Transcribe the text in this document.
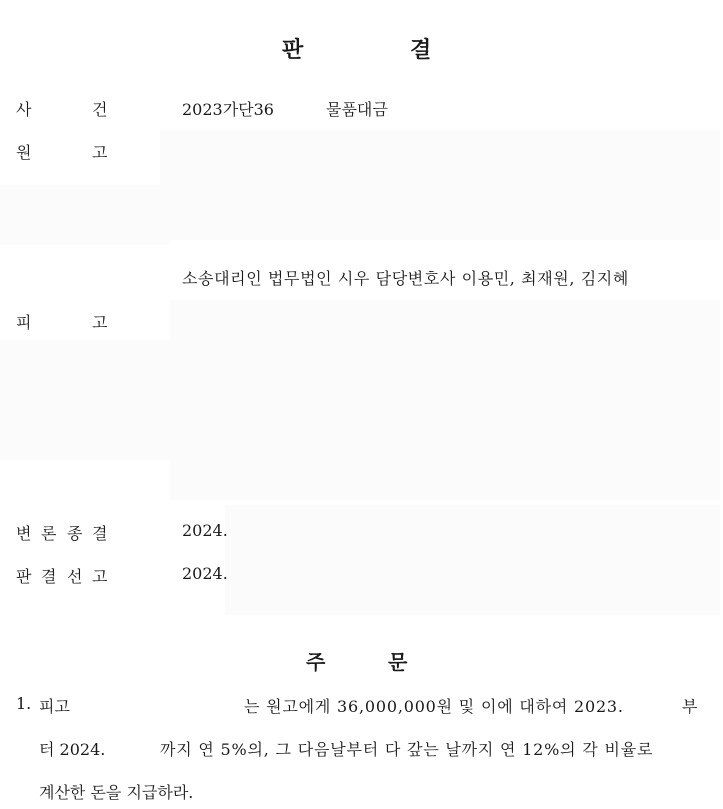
판	결
사	건	2023가단36	물품대금
원	고
소송대리인 법무법인 시우 담당변호사 이용민, 최재원, 김지혜
피	고
변 론 종 결	2024.
판 결 선 고	2024.
주	문
1. 피고	는 원고에게 36,000,000원 및 이에 대하여 2023.	부
터 2024.	까지 연 5%의, 그 다음날부터 다 갚는 날까지 연 12%의 각 비율로
계산한 돈을 지급하라.
